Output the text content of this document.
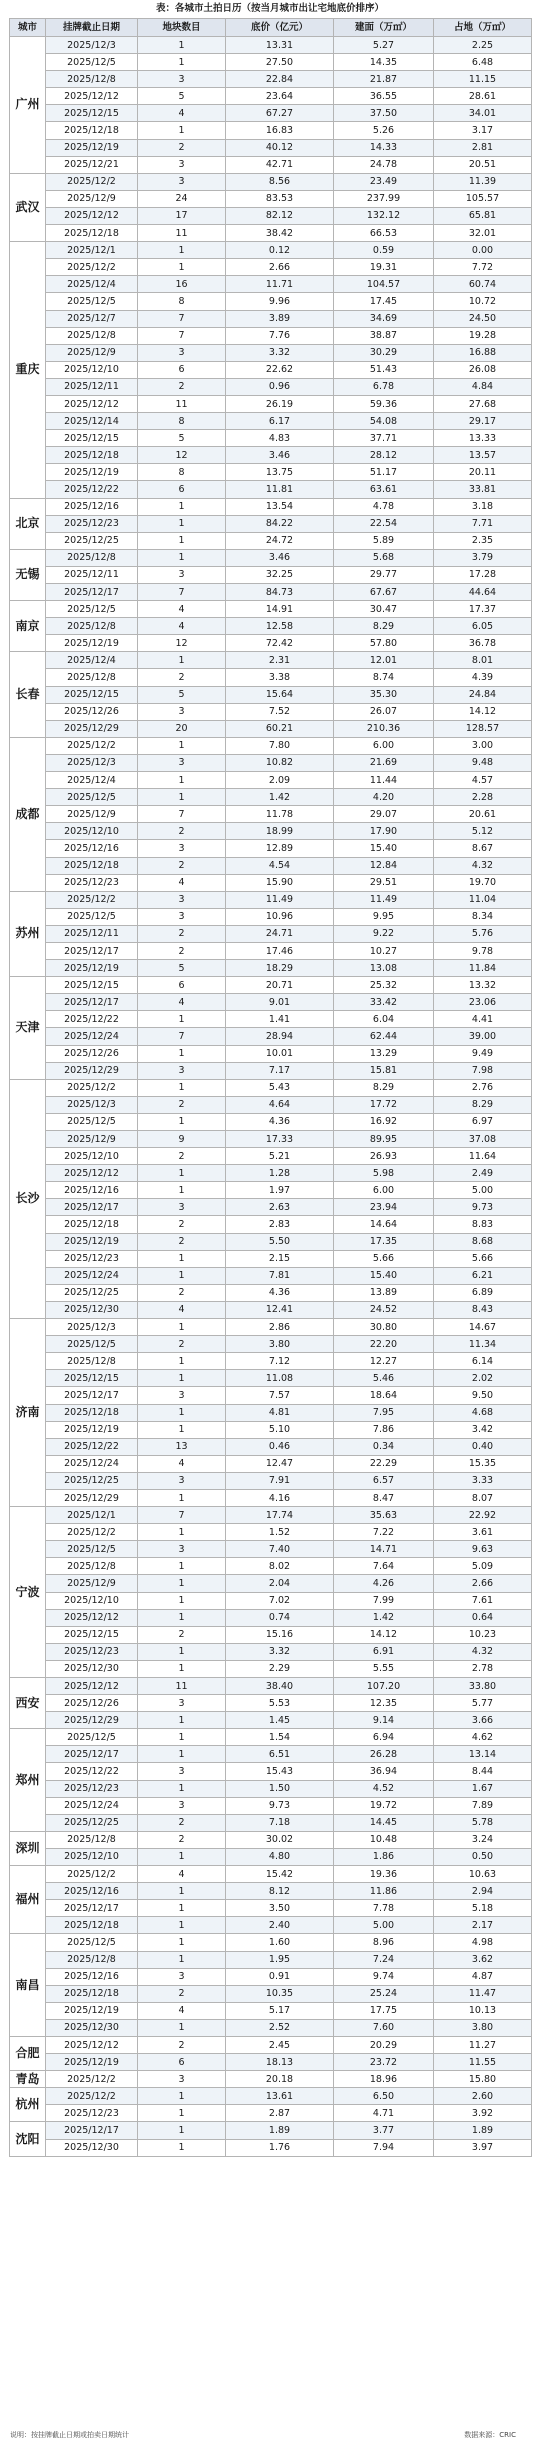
表：各城市土拍日历（按当月城市出让宅地底价排序）
城市	挂牌截止日期	地块数目	底价（亿元）	建面（万㎡）	占地（万㎡）
广州	2025/12/3	1	13.31	5.27	2.25
	2025/12/5	1	27.50	14.35	6.48
	2025/12/8	3	22.84	21.87	11.15
	2025/12/12	5	23.64	36.55	28.61
	2025/12/15	4	67.27	37.50	34.01
	2025/12/18	1	16.83	5.26	3.17
	2025/12/19	2	40.12	14.33	2.81
	2025/12/21	3	42.71	24.78	20.51
武汉	2025/12/2	3	8.56	23.49	11.39
	2025/12/9	24	83.53	237.99	105.57
	2025/12/12	17	82.12	132.12	65.81
	2025/12/18	11	38.42	66.53	32.01
重庆	2025/12/1	1	0.12	0.59	0.00
	2025/12/2	1	2.66	19.31	7.72
	2025/12/4	16	11.71	104.57	60.74
	2025/12/5	8	9.96	17.45	10.72
	2025/12/7	7	3.89	34.69	24.50
	2025/12/8	7	7.76	38.87	19.28
	2025/12/9	3	3.32	30.29	16.88
	2025/12/10	6	22.62	51.43	26.08
	2025/12/11	2	0.96	6.78	4.84
	2025/12/12	11	26.19	59.36	27.68
	2025/12/14	8	6.17	54.08	29.17
	2025/12/15	5	4.83	37.71	13.33
	2025/12/18	12	3.46	28.12	13.57
	2025/12/19	8	13.75	51.17	20.11
	2025/12/22	6	11.81	63.61	33.81
北京	2025/12/16	1	13.54	4.78	3.18
	2025/12/23	1	84.22	22.54	7.71
	2025/12/25	1	24.72	5.89	2.35
无锡	2025/12/8	1	3.46	5.68	3.79
	2025/12/11	3	32.25	29.77	17.28
	2025/12/17	7	84.73	67.67	44.64
南京	2025/12/5	4	14.91	30.47	17.37
	2025/12/8	4	12.58	8.29	6.05
	2025/12/19	12	72.42	57.80	36.78
长春	2025/12/4	1	2.31	12.01	8.01
	2025/12/8	2	3.38	8.74	4.39
	2025/12/15	5	15.64	35.30	24.84
	2025/12/26	3	7.52	26.07	14.12
	2025/12/29	20	60.21	210.36	128.57
成都	2025/12/2	1	7.80	6.00	3.00
	2025/12/3	3	10.82	21.69	9.48
	2025/12/4	1	2.09	11.44	4.57
	2025/12/5	1	1.42	4.20	2.28
	2025/12/9	7	11.78	29.07	20.61
	2025/12/10	2	18.99	17.90	5.12
	2025/12/16	3	12.89	15.40	8.67
	2025/12/18	2	4.54	12.84	4.32
	2025/12/23	4	15.90	29.51	19.70
苏州	2025/12/2	3	11.49	11.49	11.04
	2025/12/5	3	10.96	9.95	8.34
	2025/12/11	2	24.71	9.22	5.76
	2025/12/17	2	17.46	10.27	9.78
	2025/12/19	5	18.29	13.08	11.84
天津	2025/12/15	6	20.71	25.32	13.32
	2025/12/17	4	9.01	33.42	23.06
	2025/12/22	1	1.41	6.04	4.41
	2025/12/24	7	28.94	62.44	39.00
	2025/12/26	1	10.01	13.29	9.49
	2025/12/29	3	7.17	15.81	7.98
长沙	2025/12/2	1	5.43	8.29	2.76
	2025/12/3	2	4.64	17.72	8.29
	2025/12/5	1	4.36	16.92	6.97
	2025/12/9	9	17.33	89.95	37.08
	2025/12/10	2	5.21	26.93	11.64
	2025/12/12	1	1.28	5.98	2.49
	2025/12/16	1	1.97	6.00	5.00
	2025/12/17	3	2.63	23.94	9.73
	2025/12/18	2	2.83	14.64	8.83
	2025/12/19	2	5.50	17.35	8.68
	2025/12/23	1	2.15	5.66	5.66
	2025/12/24	1	7.81	15.40	6.21
	2025/12/25	2	4.36	13.89	6.89
	2025/12/30	4	12.41	24.52	8.43
济南	2025/12/3	1	2.86	30.80	14.67
	2025/12/5	2	3.80	22.20	11.34
	2025/12/8	1	7.12	12.27	6.14
	2025/12/15	1	11.08	5.46	2.02
	2025/12/17	3	7.57	18.64	9.50
	2025/12/18	1	4.81	7.95	4.68
	2025/12/19	1	5.10	7.86	3.42
	2025/12/22	13	0.46	0.34	0.40
	2025/12/24	4	12.47	22.29	15.35
	2025/12/25	3	7.91	6.57	3.33
	2025/12/29	1	4.16	8.47	8.07
宁波	2025/12/1	7	17.74	35.63	22.92
	2025/12/2	1	1.52	7.22	3.61
	2025/12/5	3	7.40	14.71	9.63
	2025/12/8	1	8.02	7.64	5.09
	2025/12/9	1	2.04	4.26	2.66
	2025/12/10	1	7.02	7.99	7.61
	2025/12/12	1	0.74	1.42	0.64
	2025/12/15	2	15.16	14.12	10.23
	2025/12/23	1	3.32	6.91	4.32
	2025/12/30	1	2.29	5.55	2.78
西安	2025/12/12	11	38.40	107.20	33.80
	2025/12/26	3	5.53	12.35	5.77
	2025/12/29	1	1.45	9.14	3.66
郑州	2025/12/5	1	1.54	6.94	4.62
	2025/12/17	1	6.51	26.28	13.14
	2025/12/22	3	15.43	36.94	8.44
	2025/12/23	1	1.50	4.52	1.67
	2025/12/24	3	9.73	19.72	7.89
	2025/12/25	2	7.18	14.45	5.78
深圳	2025/12/8	2	30.02	10.48	3.24
	2025/12/10	1	4.80	1.86	0.50
福州	2025/12/2	4	15.42	19.36	10.63
	2025/12/16	1	8.12	11.86	2.94
	2025/12/17	1	3.50	7.78	5.18
	2025/12/18	1	2.40	5.00	2.17
南昌	2025/12/5	1	1.60	8.96	4.98
	2025/12/8	1	1.95	7.24	3.62
	2025/12/16	3	0.91	9.74	4.87
	2025/12/18	2	10.35	25.24	11.47
	2025/12/19	4	5.17	17.75	10.13
	2025/12/30	1	2.52	7.60	3.80
合肥	2025/12/12	2	2.45	20.29	11.27
	2025/12/19	6	18.13	23.72	11.55
青岛	2025/12/2	3	20.18	18.96	15.80
杭州	2025/12/2	1	13.61	6.50	2.60
	2025/12/23	1	2.87	4.71	3.92
沈阳	2025/12/17	1	1.89	3.77	1.89
	2025/12/30	1	1.76	7.94	3.97
说明：按挂牌截止日期或拍卖日期统计	数据来源：CRIC
